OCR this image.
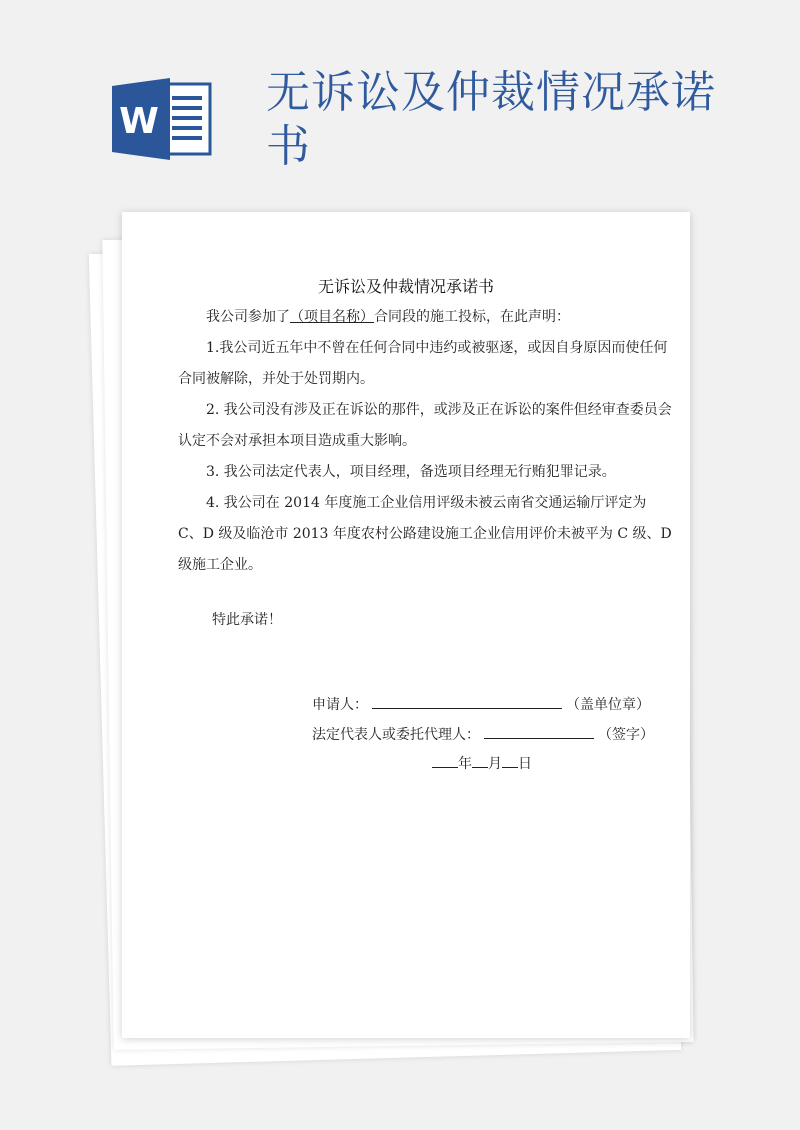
W
无诉讼及仲裁情况承诺书
无诉讼及仲裁情况承诺书

我公司参加了（项目名称）合同段的施工投标，在此声明：

1.我公司近五年中不曾在任何合同中违约或被驱逐，或因自身原因而使任何合同被解除，并处于处罚期内。

2. 我公司没有涉及正在诉讼的那件，或涉及正在诉讼的案件但经审查委员会认定不会对承担本项目造成重大影响。

3. 我公司法定代表人，项目经理，备选项目经理无行贿犯罪记录。

4. 我公司在 2014 年度施工企业信用评级未被云南省交通运输厅评定为 C、D 级及临沧市 2013 年度农村公路建设施工企业信用评价未被平为 C 级、D 级施工企业。

特此承诺！

申请人：	（盖单位章）
法定代表人或委托代理人：	（签字）
年 月 日
